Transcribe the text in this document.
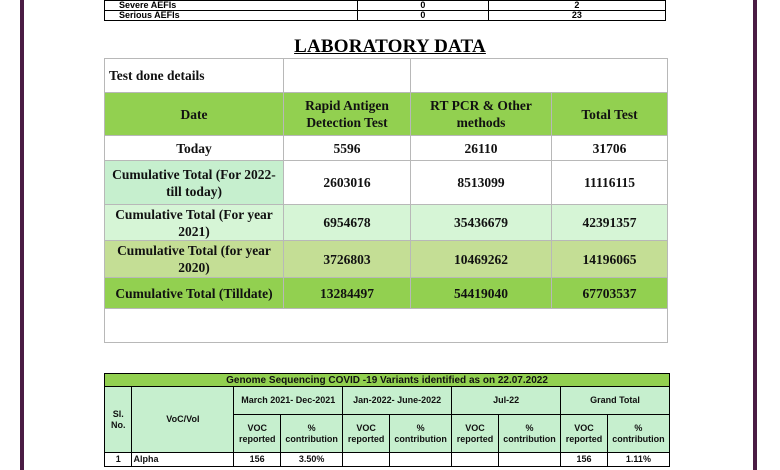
Severe AEFIs	0	2
Serious AEFIs	0	23
LABORATORY DATA
Test done details			
Date	Rapid Antigen Detection Test	RT PCR & Other methods	Total Test
Today	5596	26110	31706
Cumulative Total (For 2022- till today)	2603016	8513099	11116115
Cumulative Total (For year 2021)	6954678	35436679	42391357
Cumulative Total (for year 2020)	3726803	10469262	14196065
Cumulative Total (Tilldate)	13284497	54419040	67703537

Genome Sequencing COVID -19 Variants identified as on 22.07.2022									
Sl. No.	VoC/VoI	March 2021- Dec-2021		Jan-2022- June-2022		Jul-22		Grand Total	
		VOC reported	% contribution	VOC reported	% contribution	VOC reported	% contribution	VOC reported	% contribution
1	Alpha	156	3.50%					156	1.11%
